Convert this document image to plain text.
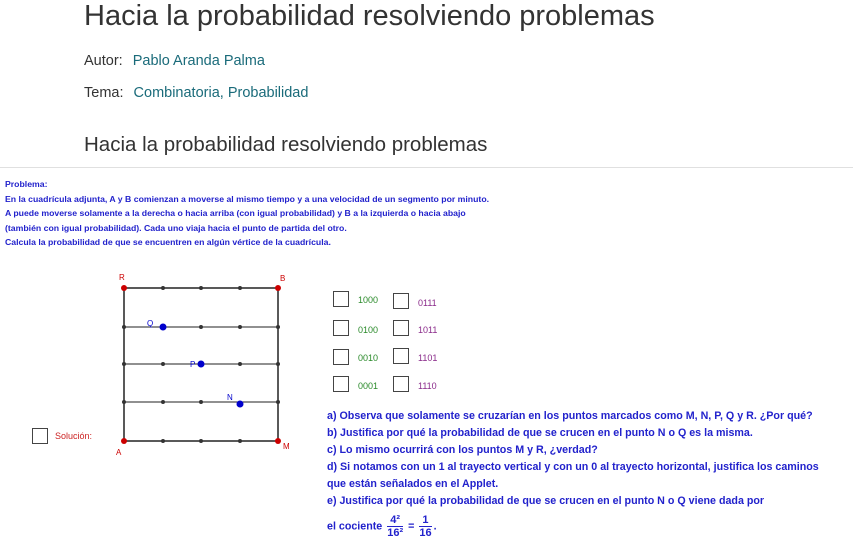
Hacia la probabilidad resolviendo problemas
Autor: Pablo Aranda Palma
Tema: Combinatoria, Probabilidad
Hacia la probabilidad resolviendo problemas
Problema:
En la cuadrícula adjunta, A y B comienzan a moverse al mismo tiempo y a una velocidad de un segmento por minuto.
A puede moverse solamente a la derecha o hacia arriba (con igual probabilidad) y B a la izquierda o hacia abajo
(también con igual probabilidad). Cada uno viaja hacia el punto de partida del otro.
Calcula la probabilidad de que se encuentren en algún vértice de la cuadrícula.
R	B
A
M
Q
P
N
1000
0100
0010
0001
0111
1011
1101
1110
Solución:
a) Observa que solamente se cruzarían en los puntos marcados como M, N, P, Q y R. ¿Por qué?
b) Justifica por qué la probabilidad de que se crucen en el punto N o Q es la misma.
c) Lo mismo ocurrirá con los puntos M y R, ¿verdad?
d) Si notamos con un 1 al trayecto vertical y con un 0 al trayecto horizontal, justifica los caminos
que están señalados en el Applet.
e) Justifica por qué la probabilidad de que se crucen en el punto N o Q viene dada por
el cociente $\frac{\text{4²}}{\text{16²}} = \frac{1}{16}$ .
